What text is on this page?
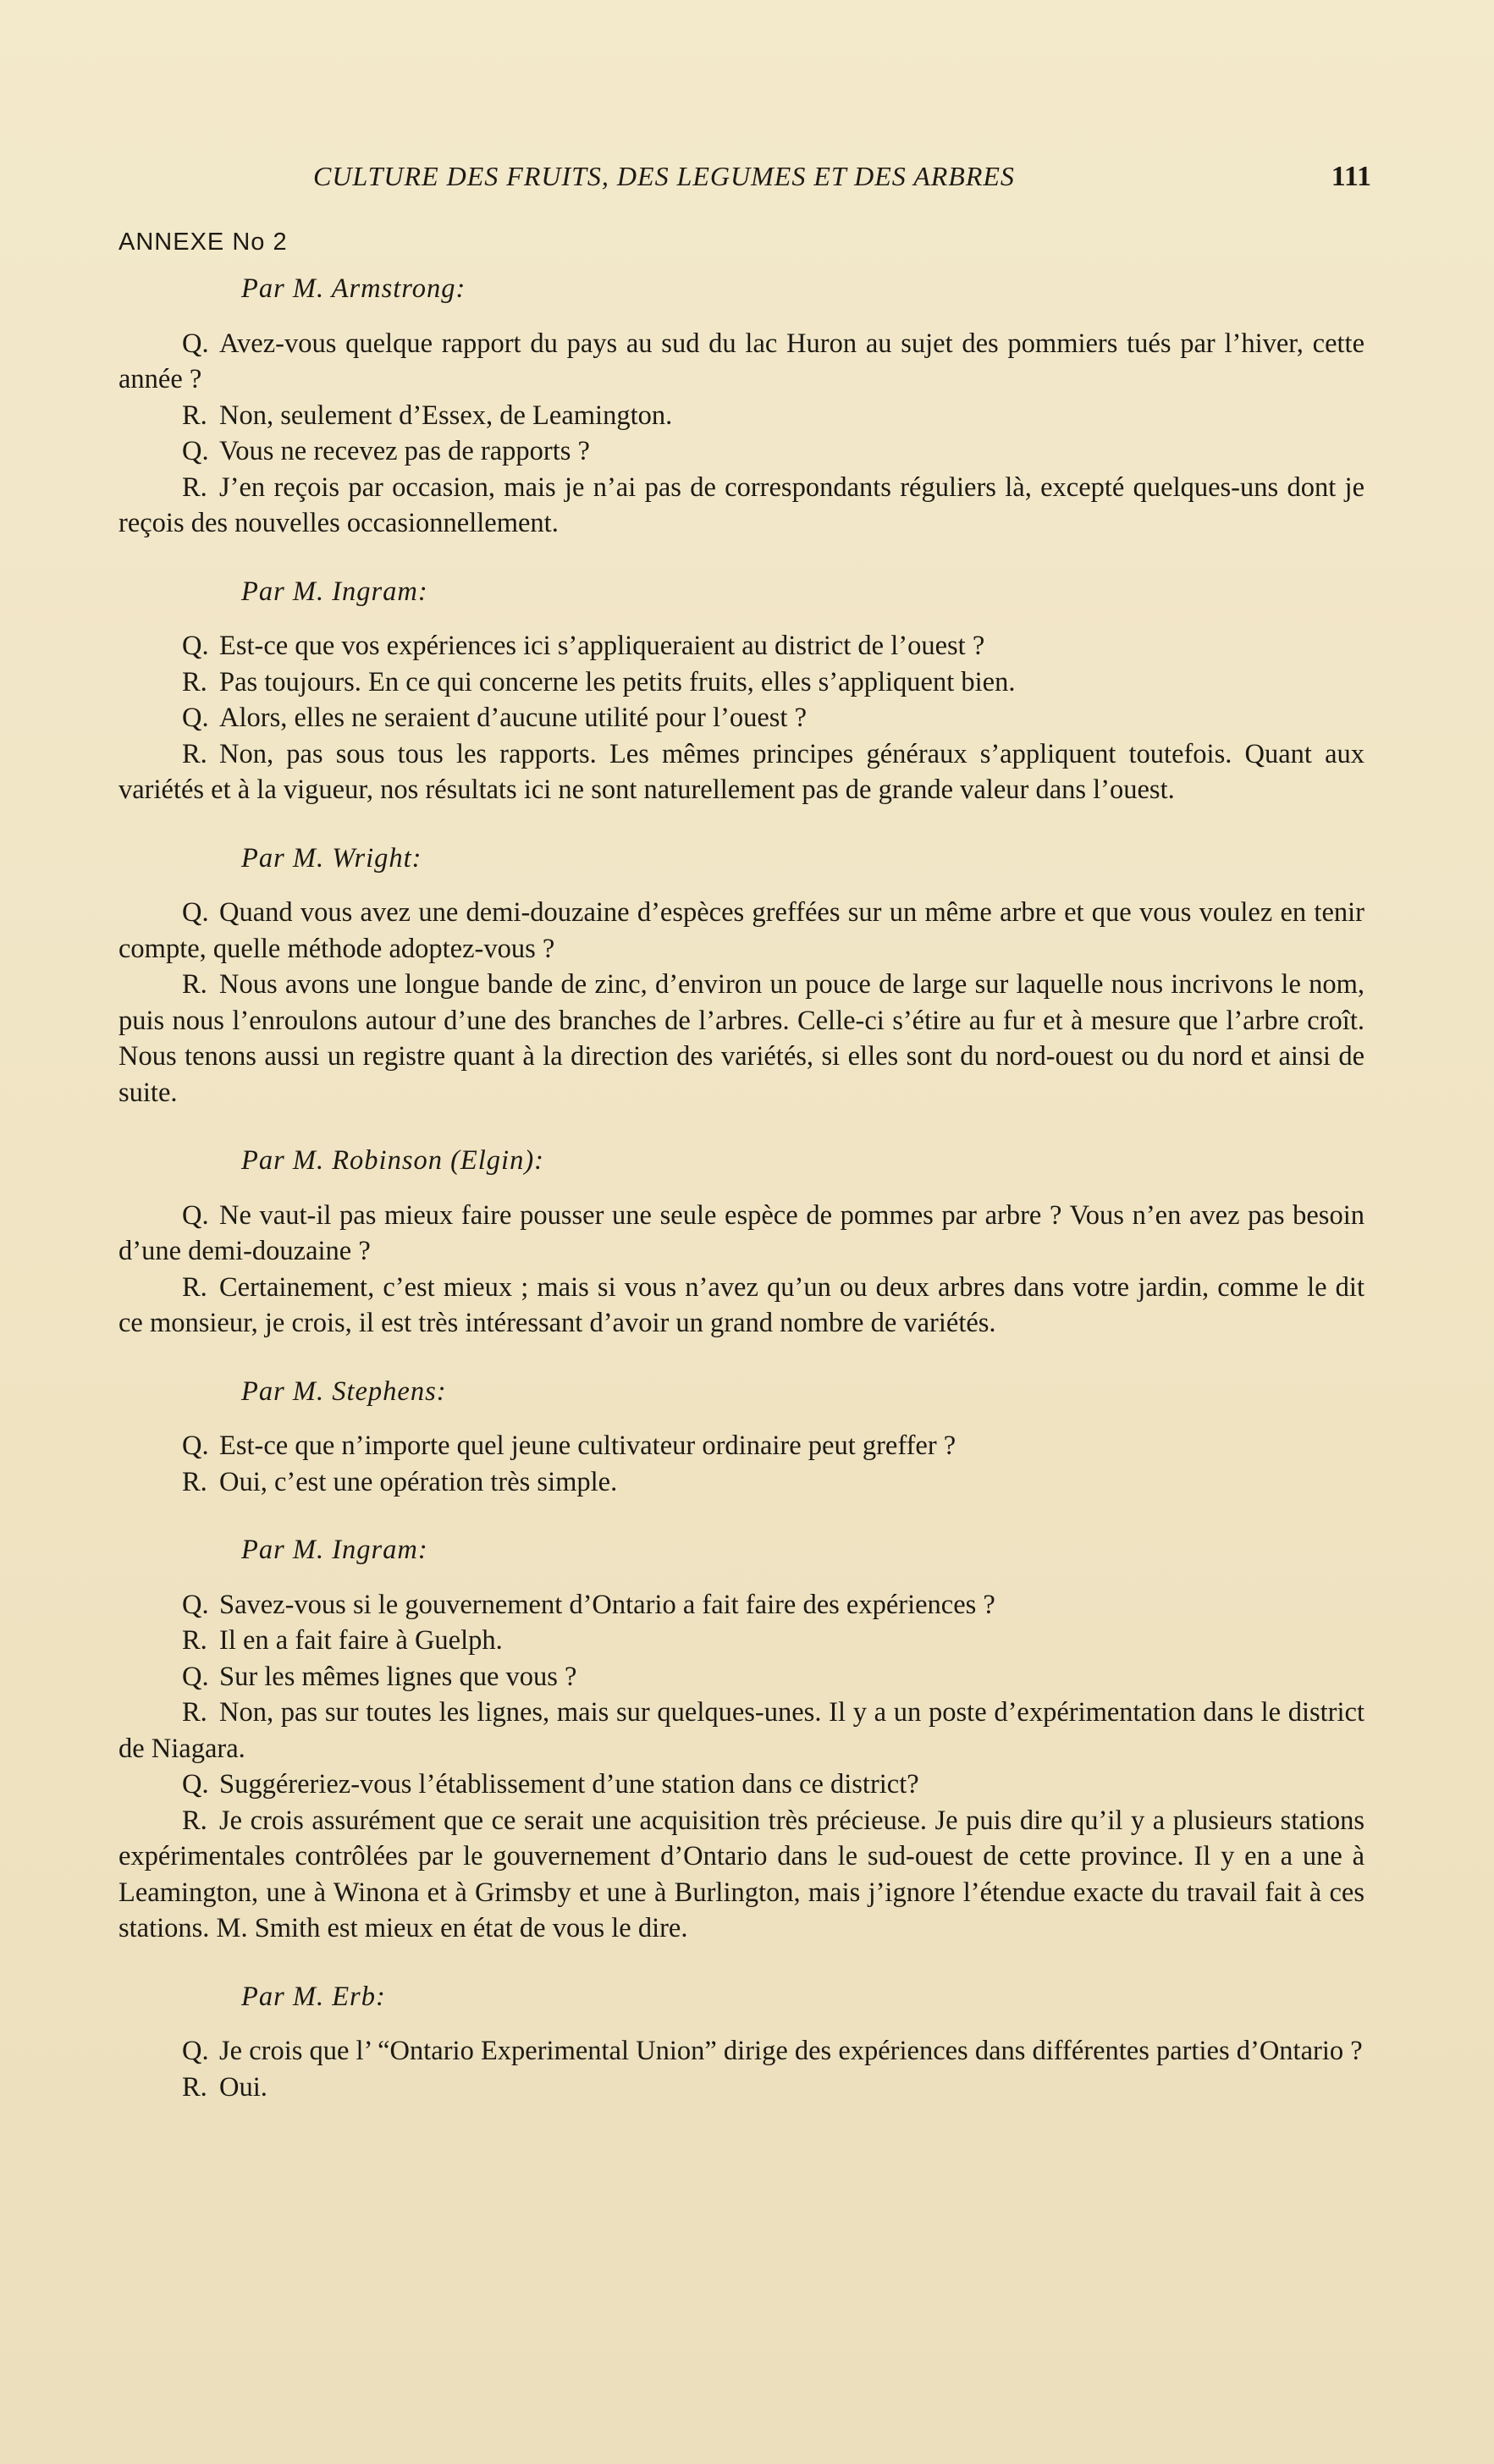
CULTURE DES FRUITS, DES LEGUMES ET DES ARBRES	111
ANNEXE No 2
Par M. Armstrong:

Q. Avez-vous quelque rapport du pays au sud du lac Huron au sujet des pommiers tués par l’hiver, cette année ?

R. Non, seulement d’Essex, de Leamington.

Q. Vous ne recevez pas de rapports ?

R. J’en reçois par occasion, mais je n’ai pas de correspondants réguliers là, excepté quelques-uns dont je reçois des nouvelles occasionnellement.

Par M. Ingram:

Q. Est-ce que vos expériences ici s’appliqueraient au district de l’ouest ?

R. Pas toujours. En ce qui concerne les petits fruits, elles s’appliquent bien.

Q. Alors, elles ne seraient d’aucune utilité pour l’ouest ?

R. Non, pas sous tous les rapports. Les mêmes principes généraux s’appliquent toutefois. Quant aux variétés et à la vigueur, nos résultats ici ne sont naturellement pas de grande valeur dans l’ouest.

Par M. Wright:

Q. Quand vous avez une demi-douzaine d’espèces greffées sur un même arbre et que vous voulez en tenir compte, quelle méthode adoptez-vous ?

R. Nous avons une longue bande de zinc, d’environ un pouce de large sur laquelle nous incrivons le nom, puis nous l’enroulons autour d’une des branches de l’arbres. Celle-ci s’étire au fur et à mesure que l’arbre croît. Nous tenons aussi un registre quant à la direction des variétés, si elles sont du nord-ouest ou du nord et ainsi de suite.

Par M. Robinson (Elgin):

Q. Ne vaut-il pas mieux faire pousser une seule espèce de pommes par arbre ? Vous n’en avez pas besoin d’une demi-douzaine ?

R. Certainement, c’est mieux ; mais si vous n’avez qu’un ou deux arbres dans votre jardin, comme le dit ce monsieur, je crois, il est très intéressant d’avoir un grand nombre de variétés.

Par M. Stephens:

Q. Est-ce que n’importe quel jeune cultivateur ordinaire peut greffer ?

R. Oui, c’est une opération très simple.

Par M. Ingram:

Q. Savez-vous si le gouvernement d’Ontario a fait faire des expériences ?

R. Il en a fait faire à Guelph.

Q. Sur les mêmes lignes que vous ?

R. Non, pas sur toutes les lignes, mais sur quelques-unes. Il y a un poste d’expérimentation dans le district de Niagara.

Q. Suggéreriez-vous l’établissement d’une station dans ce district?

R. Je crois assurément que ce serait une acquisition très précieuse. Je puis dire qu’il y a plusieurs stations expérimentales contrôlées par le gouvernement d’Ontario dans le sud-ouest de cette province. Il y en a une à Leamington, une à Winona et à Grimsby et une à Burlington, mais j’ignore l’étendue exacte du travail fait à ces stations. M. Smith est mieux en état de vous le dire.

Par M. Erb:

Q. Je crois que l’ “Ontario Experimental Union” dirige des expériences dans différentes parties d’Ontario ?

R. Oui.
